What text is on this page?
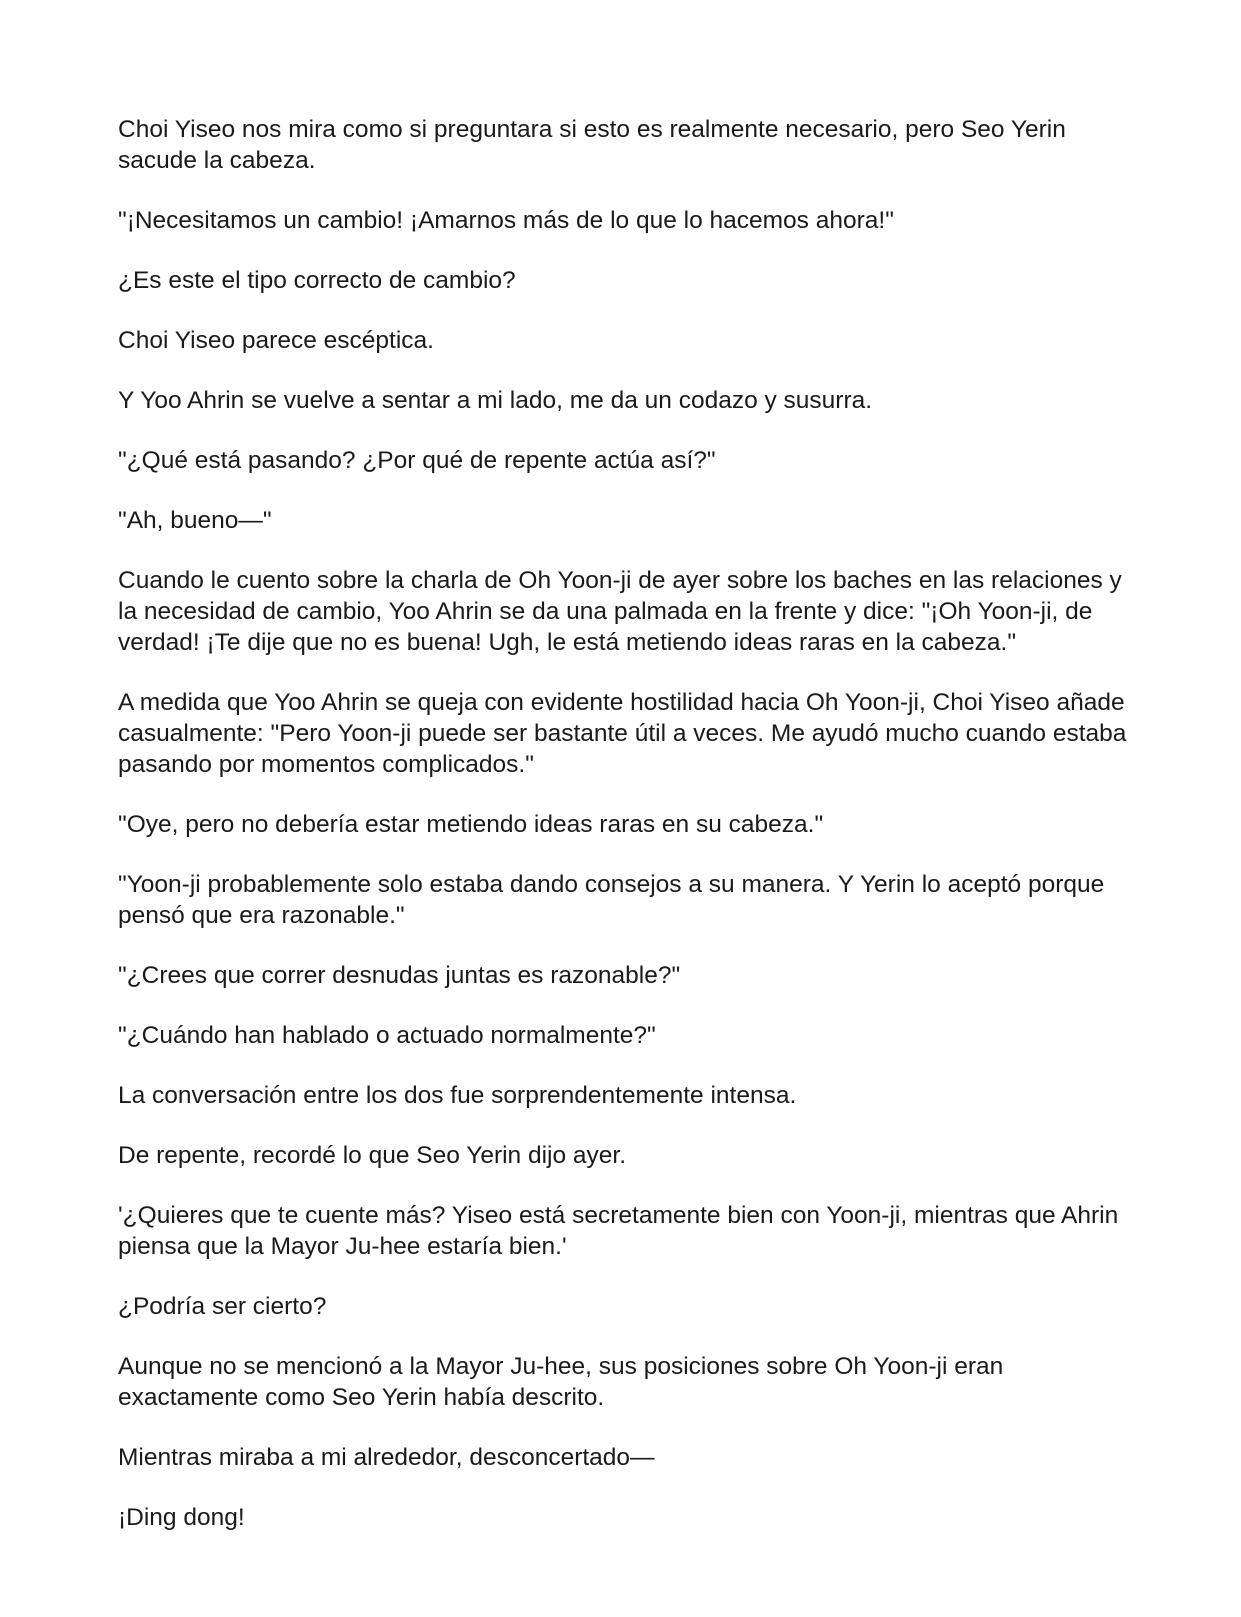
Choi Yiseo nos mira como si preguntara si esto es realmente necesario, pero Seo Yerin sacude la cabeza.

"¡Necesitamos un cambio! ¡Amarnos más de lo que lo hacemos ahora!"

¿Es este el tipo correcto de cambio?

Choi Yiseo parece escéptica.

Y Yoo Ahrin se vuelve a sentar a mi lado, me da un codazo y susurra.

"¿Qué está pasando? ¿Por qué de repente actúa así?"

"Ah, bueno—"

Cuando le cuento sobre la charla de Oh Yoon-ji de ayer sobre los baches en las relaciones y la necesidad de cambio, Yoo Ahrin se da una palmada en la frente y dice: "¡Oh Yoon-ji, de verdad! ¡Te dije que no es buena! Ugh, le está metiendo ideas raras en la cabeza."

A medida que Yoo Ahrin se queja con evidente hostilidad hacia Oh Yoon-ji, Choi Yiseo añade casualmente: "Pero Yoon-ji puede ser bastante útil a veces. Me ayudó mucho cuando estaba pasando por momentos complicados."

"Oye, pero no debería estar metiendo ideas raras en su cabeza."

"Yoon-ji probablemente solo estaba dando consejos a su manera. Y Yerin lo aceptó porque pensó que era razonable."

"¿Crees que correr desnudas juntas es razonable?"

"¿Cuándo han hablado o actuado normalmente?"

La conversación entre los dos fue sorprendentemente intensa.

De repente, recordé lo que Seo Yerin dijo ayer.

'¿Quieres que te cuente más? Yiseo está secretamente bien con Yoon-ji, mientras que Ahrin piensa que la Mayor Ju-hee estaría bien.'

¿Podría ser cierto?

Aunque no se mencionó a la Mayor Ju-hee, sus posiciones sobre Oh Yoon-ji eran exactamente como Seo Yerin había descrito.

Mientras miraba a mi alrededor, desconcertado—

¡Ding dong!
